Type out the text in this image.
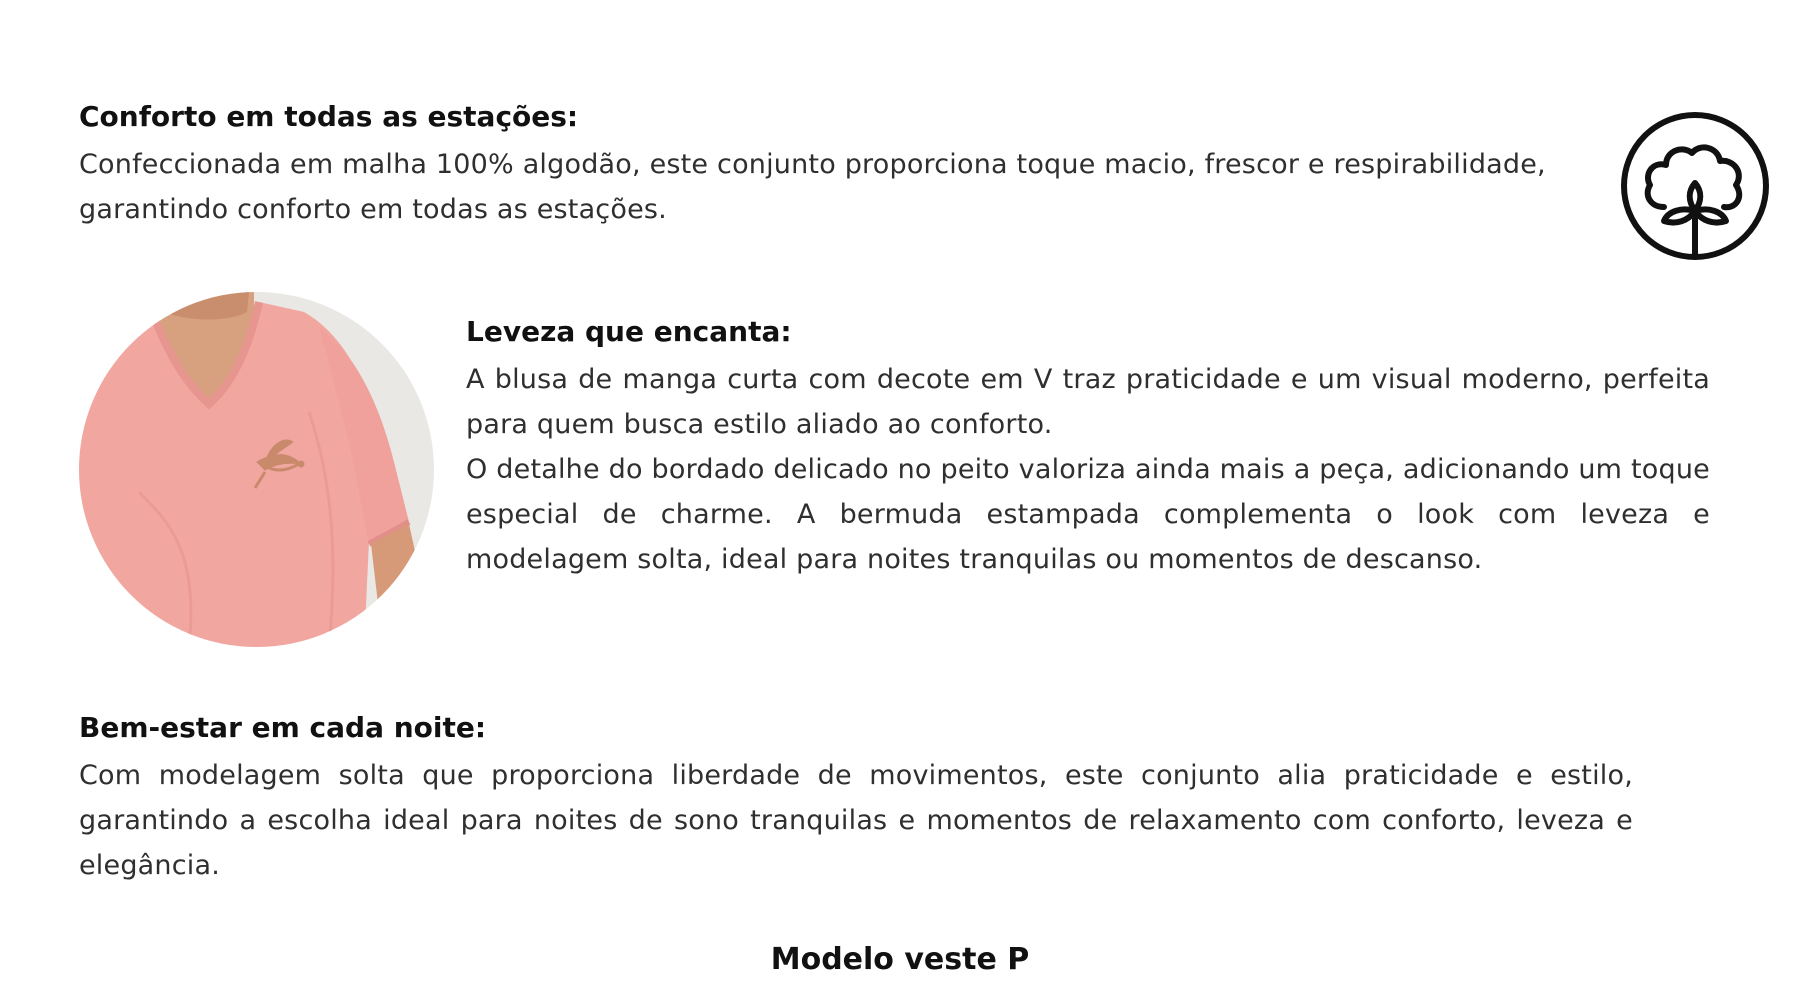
Conforto em todas as estações:

Confeccionada em malha 100% algodão, este conjunto proporciona toque macio, frescor e respirabilidade, garantindo conforto em todas as estações.

Leveza que encanta:

A blusa de manga curta com decote em V traz praticidade e um visual moderno, perfeita para quem busca estilo aliado ao conforto.

O detalhe do bordado delicado no peito valoriza ainda mais a peça, adicionando um toque especial de charme. A bermuda estampada complementa o look com leveza e modelagem solta, ideal para noites tranquilas ou momentos de descanso.

Bem-estar em cada noite:

Com modelagem solta que proporciona liberdade de movimentos, este conjunto alia praticidade e estilo, garantindo a escolha ideal para noites de sono tranquilas e momentos de relaxamento com conforto, leveza e elegância.

Modelo veste P
